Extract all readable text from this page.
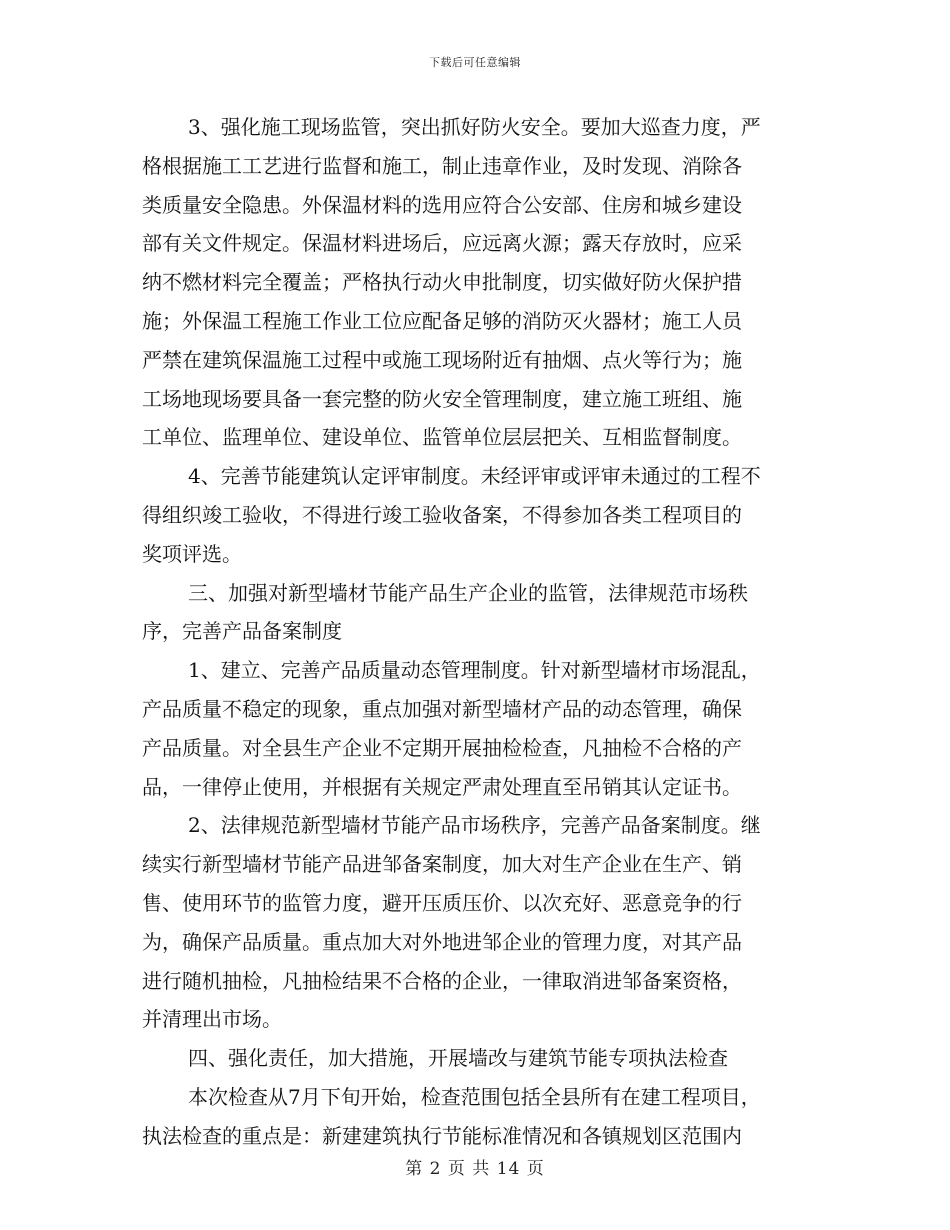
下载后可任意编辑
3、强化施工现场监管，突出抓好防火安全。要加大巡查力度，严
格根据施工工艺进行监督和施工，制止违章作业，及时发现、消除各
类质量安全隐患。外保温材料的选用应符合公安部、住房和城乡建设
部有关文件规定。保温材料进场后，应远离火源；露天存放时，应采
纳不燃材料完全覆盖；严格执行动火申批制度，切实做好防火保护措
施；外保温工程施工作业工位应配备足够的消防灭火器材；施工人员
严禁在建筑保温施工过程中或施工现场附近有抽烟、点火等行为；施
工场地现场要具备一套完整的防火安全管理制度，建立施工班组、施
工单位、监理单位、建设单位、监管单位层层把关、互相监督制度。
4、完善节能建筑认定评审制度。未经评审或评审未通过的工程不
得组织竣工验收，不得进行竣工验收备案，不得参加各类工程项目的
奖项评选。
三、加强对新型墙材节能产品生产企业的监管，法律规范市场秩
序，完善产品备案制度
1、建立、完善产品质量动态管理制度。针对新型墙材市场混乱，
产品质量不稳定的现象，重点加强对新型墙材产品的动态管理，确保
产品质量。对全县生产企业不定期开展抽检检查，凡抽检不合格的产
品，一律停止使用，并根据有关规定严肃处理直至吊销其认定证书。
2、法律规范新型墙材节能产品市场秩序，完善产品备案制度。继
续实行新型墙材节能产品进邹备案制度，加大对生产企业在生产、销
售、使用环节的监管力度，避开压质压价、以次充好、恶意竞争的行
为，确保产品质量。重点加大对外地进邹企业的管理力度，对其产品
进行随机抽检，凡抽检结果不合格的企业，一律取消进邹备案资格，
并清理出市场。
四、强化责任，加大措施，开展墙改与建筑节能专项执法检查
本次检查从7月下旬开始，检查范围包括全县所有在建工程项目，
执法检查的重点是：新建建筑执行节能标准情况和各镇规划区范围内
第 2 页 共 14 页
